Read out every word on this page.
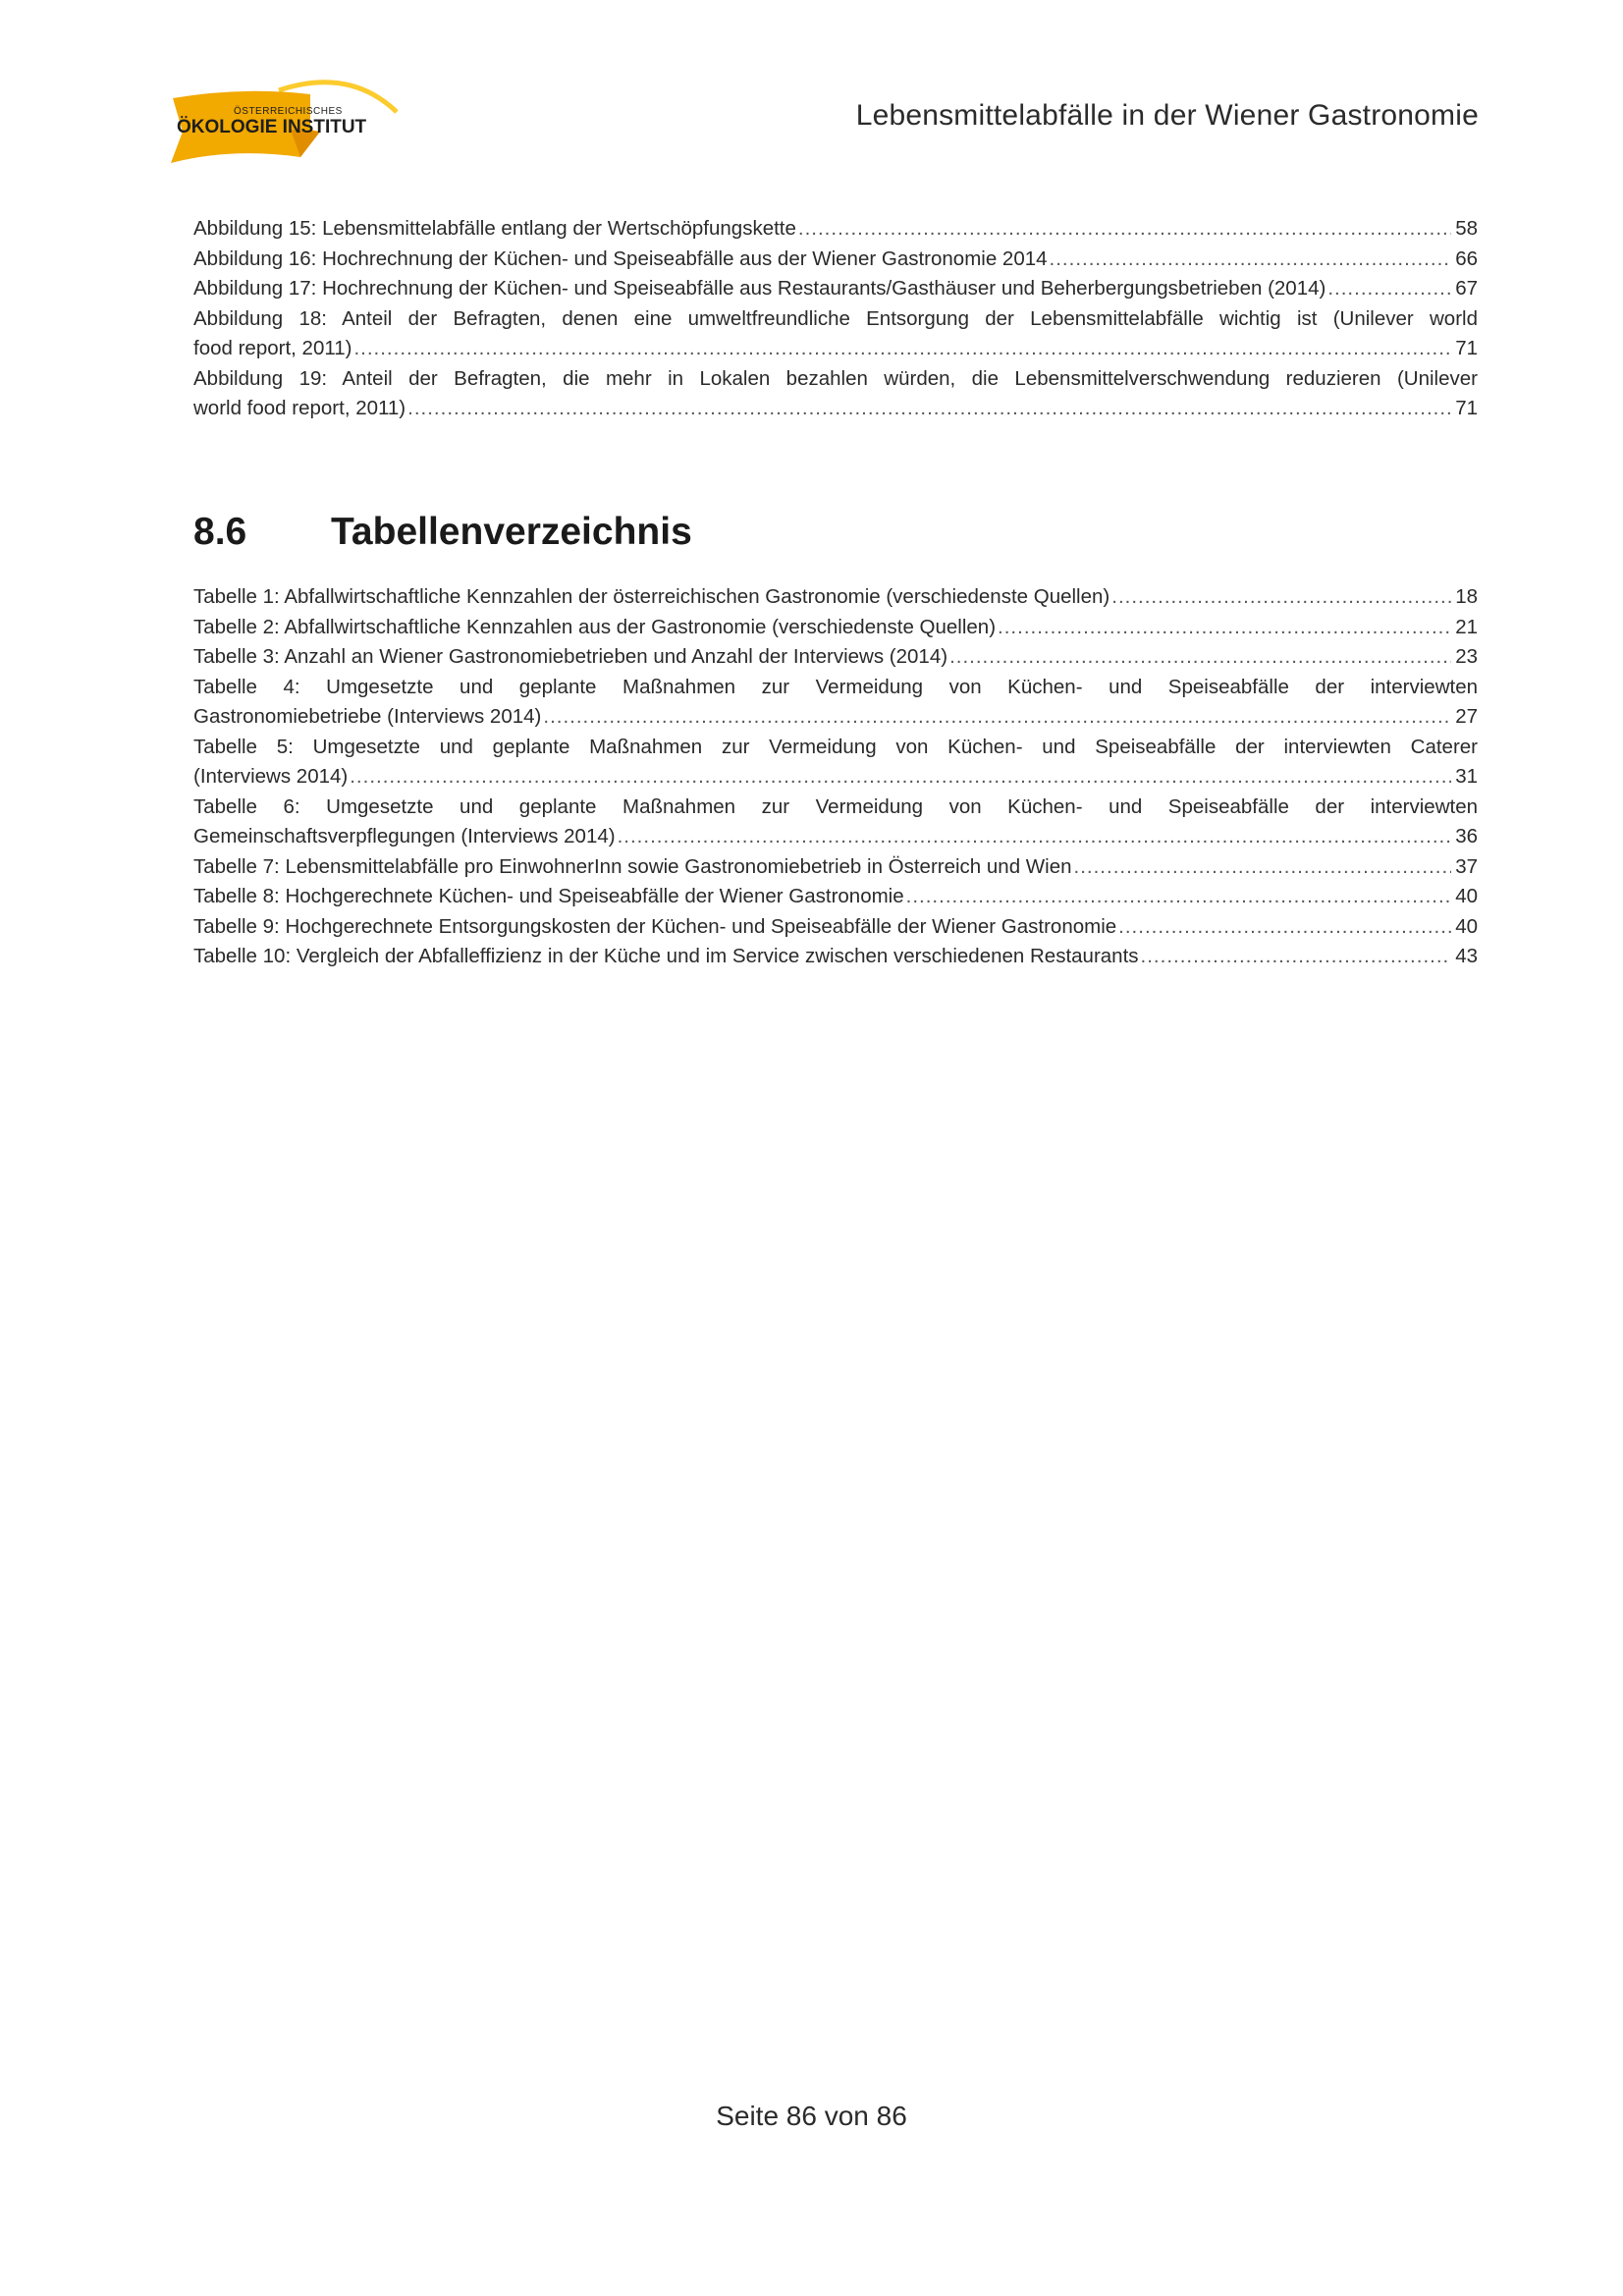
ÖSTERREICHISCHES
ÖKOLOGIE INSTITUT	Lebensmittelabfälle in der Wiener Gastronomie
Abbildung 15: Lebensmittelabfälle entlang der Wertschöpfungskette .....	58
Abbildung 16: Hochrechnung der Küchen- und Speiseabfälle aus der Wiener Gastronomie 2014 .....	66
Abbildung 17: Hochrechnung der Küchen- und Speiseabfälle aus Restaurants/Gasthäuser und Beherbergungsbetrieben (2014) .....	67
Abbildung 18: Anteil der Befragten, denen eine umweltfreundliche Entsorgung der Lebensmittelabfälle wichtig ist (Unilever world
food report, 2011) .....	71
Abbildung 19: Anteil der Befragten, die mehr in Lokalen bezahlen würden, die Lebensmittelverschwendung reduzieren (Unilever
world food report, 2011) .....	71
8.6 Tabellenverzeichnis
Tabelle 1: Abfallwirtschaftliche Kennzahlen der österreichischen Gastronomie (verschiedenste Quellen) .....	18
Tabelle 2: Abfallwirtschaftliche Kennzahlen aus der Gastronomie (verschiedenste Quellen) .....	21
Tabelle 3: Anzahl an Wiener Gastronomiebetrieben und Anzahl der Interviews (2014) .....	23
Tabelle 4: Umgesetzte und geplante Maßnahmen zur Vermeidung von Küchen- und Speiseabfälle der interviewten
Gastronomiebetriebe (Interviews 2014) .....	27
Tabelle 5: Umgesetzte und geplante Maßnahmen zur Vermeidung von Küchen- und Speiseabfälle der interviewten Caterer
(Interviews 2014) .....	31
Tabelle 6: Umgesetzte und geplante Maßnahmen zur Vermeidung von Küchen- und Speiseabfälle der interviewten
Gemeinschaftsverpflegungen (Interviews 2014) .....	36
Tabelle 7: Lebensmittelabfälle pro EinwohnerInn sowie Gastronomiebetrieb in Österreich und Wien .....	37
Tabelle 8: Hochgerechnete Küchen- und Speiseabfälle der Wiener Gastronomie .....	40
Tabelle 9: Hochgerechnete Entsorgungskosten der Küchen- und Speiseabfälle der Wiener Gastronomie .....	40
Tabelle 10: Vergleich der Abfalleffizienz in der Küche und im Service zwischen verschiedenen Restaurants .....	43
Seite 86 von 86
